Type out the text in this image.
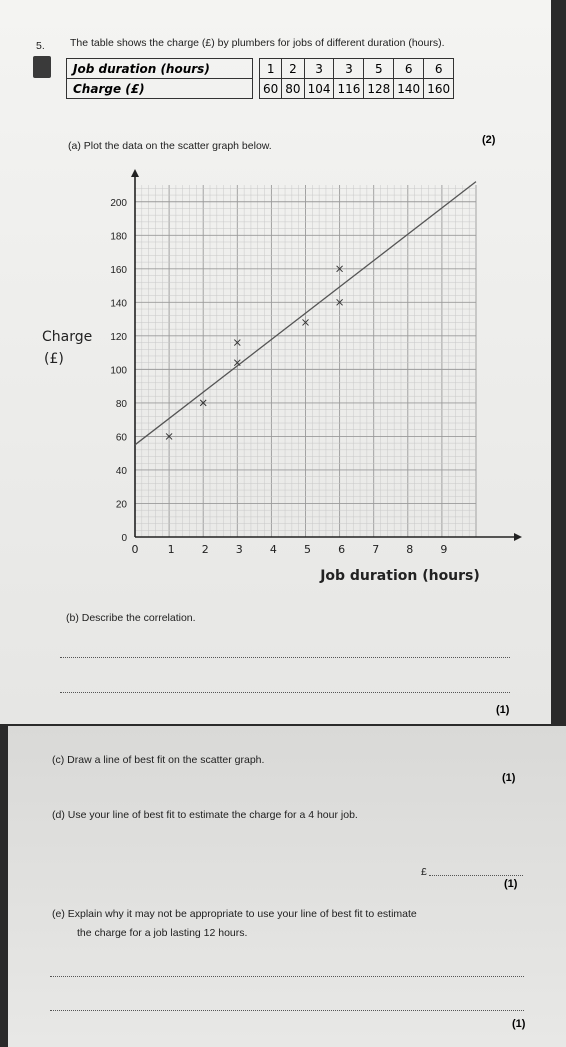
5. The table shows the charge (£) by plumbers for jobs of different duration (hours).
Job duration (hours)		1	2	3	3	5	6	6
Charge (£)		60	80	104	116	128	140	160
(a) Plot the data on the scatter graph below.	(2)
0	1 2 3 4 5 6 7 8 9
0
20
40
60
80
100
120
140
160
180
200
Job duration (hours)
Charge
(£)
(b) Describe the correlation.
(1)
(c) Draw a line of best fit on the scatter graph.
(1)
(d) Use your line of best fit to estimate the charge for a 4 hour job.
£
(1)
(e) Explain why it may not be appropriate to use your line of best fit to estimate
the charge for a job lasting 12 hours.
(1)
